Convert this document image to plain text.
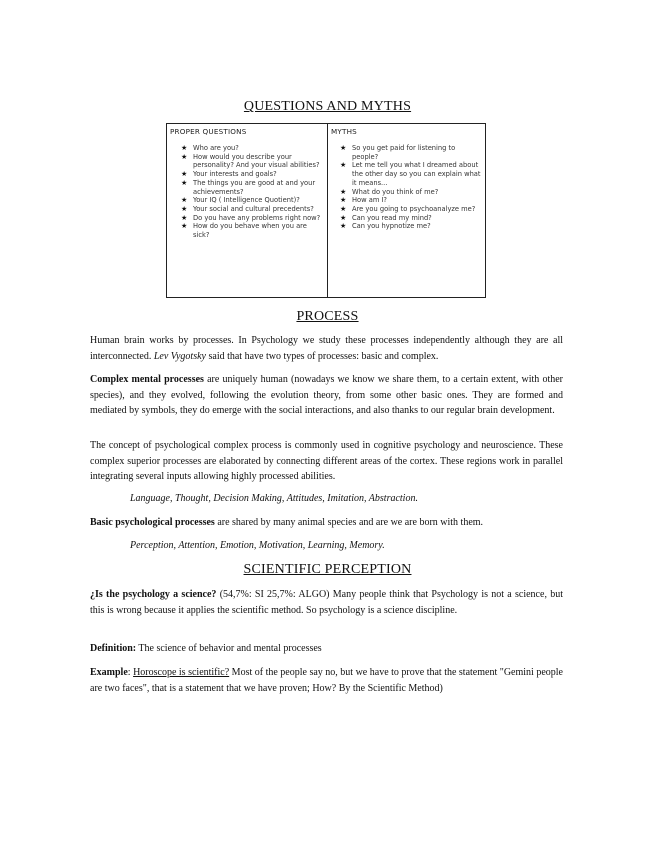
QUESTIONS AND MYTHS
PROPER QUESTIONS
★ Who are you?
★ How would you describe your personality? And your visual abilities?
★ Your interests and goals?
★ The things you are good at and your achievements?
★ Your IQ ( Intelligence Quotient)?
★ Your social and cultural precedents?
★ Do you have any problems right now?
★ How do you behave when you are sick?
MYTHS
★ So you get paid for listening to people?
★ Let me tell you what I dreamed about the other day so you can explain what it means...
★ What do you think of me?
★ How am I?
★ Are you going to psychoanalyze me?
★ Can you read my mind?
★ Can you hypnotize me?
PROCESS

Human brain works by processes. In Psychology we study these processes independently although they are all interconnected. Lev Vygotsky said that have two types of processes: basic and complex.

Complex mental processes are uniquely human (nowadays we know we share them, to a certain extent, with other species), and they evolved, following the evolution theory, from some other basic ones. They are formed and mediated by symbols, they do emerge with the social interactions, and also thanks to our regular brain development.

The concept of psychological complex process is commonly used in cognitive psychology and neuroscience. These complex superior processes are elaborated by connecting different areas of the cortex. These regions work in parallel integrating several inputs allowing highly processed abilities.

Language, Thought, Decision Making, Attitudes, Imitation, Abstraction.

Basic psychological processes are shared by many animal species and are we are born with them.

Perception, Attention, Emotion, Motivation, Learning, Memory.

SCIENTIFIC PERCEPTION

¿Is the psychology a science? (54,7%: SI 25,7%: ALGO) Many people think that Psychology is not a science, but this is wrong because it applies the scientific method. So psychology is a science discipline.

Definition: The science of behavior and mental processes

Example: Horoscope is scientific? Most of the people say no, but we have to prove that the statement "Gemini people are two faces", that is a statement that we have proven; How? By the Scientific Method)
